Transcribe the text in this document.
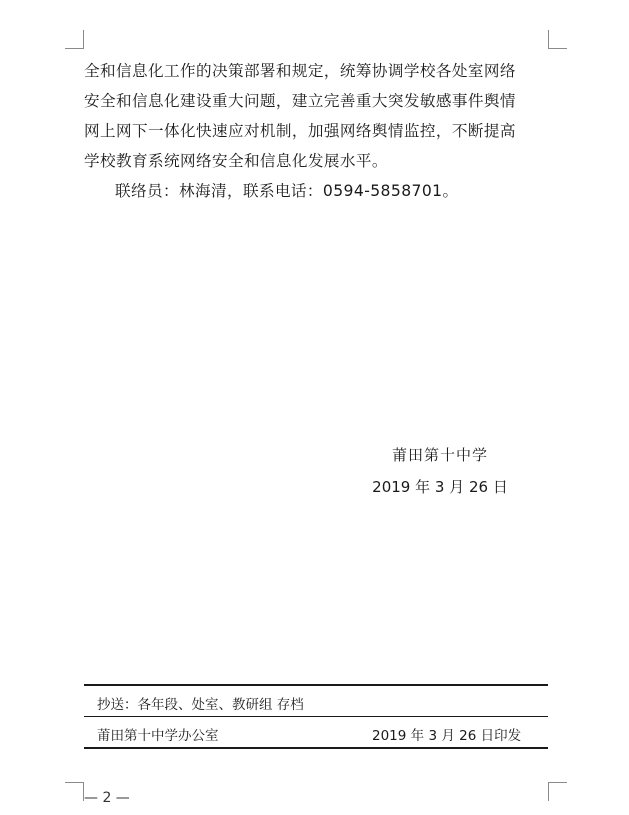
全和信息化工作的决策部署和规定，统筹协调学校各处室网络
安全和信息化建设重大问题，建立完善重大突发敏感事件舆情
网上网下一体化快速应对机制，加强网络舆情监控，不断提高
学校教育系统网络安全和信息化发展水平。
联络员：林海清，联系电话：0594-5858701。
莆田第十中学
2019 年 3 月 26 日
抄送：各年段、处室、教研组 存档
莆田第十中学办公室	2019 年 3 月 26 日印发
— 2 —
